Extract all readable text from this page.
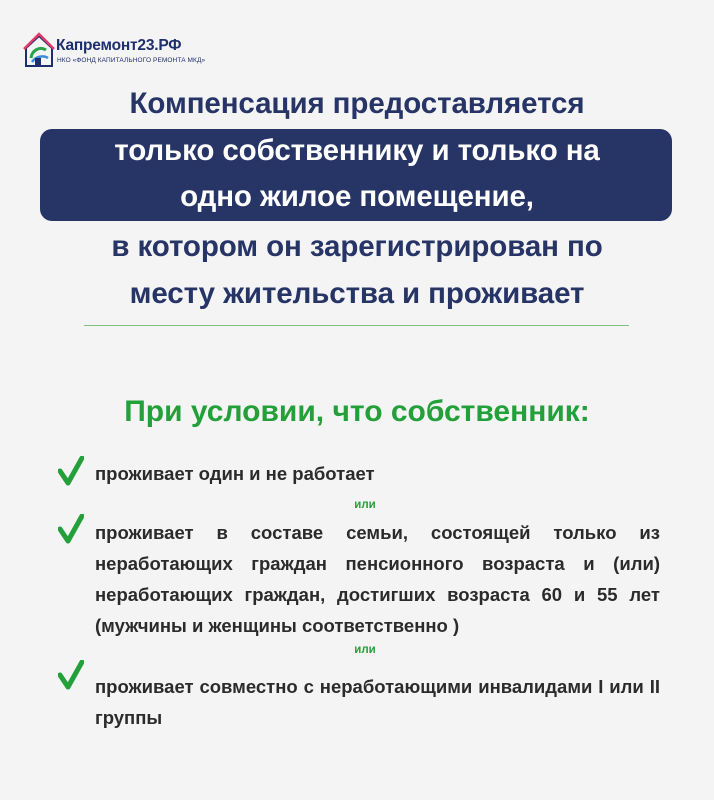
Капремонт23.РФ
НКО «ФОНД КАПИТАЛЬНОГО РЕМОНТА МКД»
Компенсация предоставляется
только собственнику и только на
одно жилое помещение,
в котором он зарегистрирован по
месту жительства и проживает
При условии, что собственник:
проживает один и не работает
или
проживает в составе семьи, состоящей только из неработающих граждан пенсионного возраста и (или) неработающих граждан, достигших возраста 60 и 55 лет (мужчины и женщины соответственно )
или
проживает совместно с неработающими инвалидами I или II группы
